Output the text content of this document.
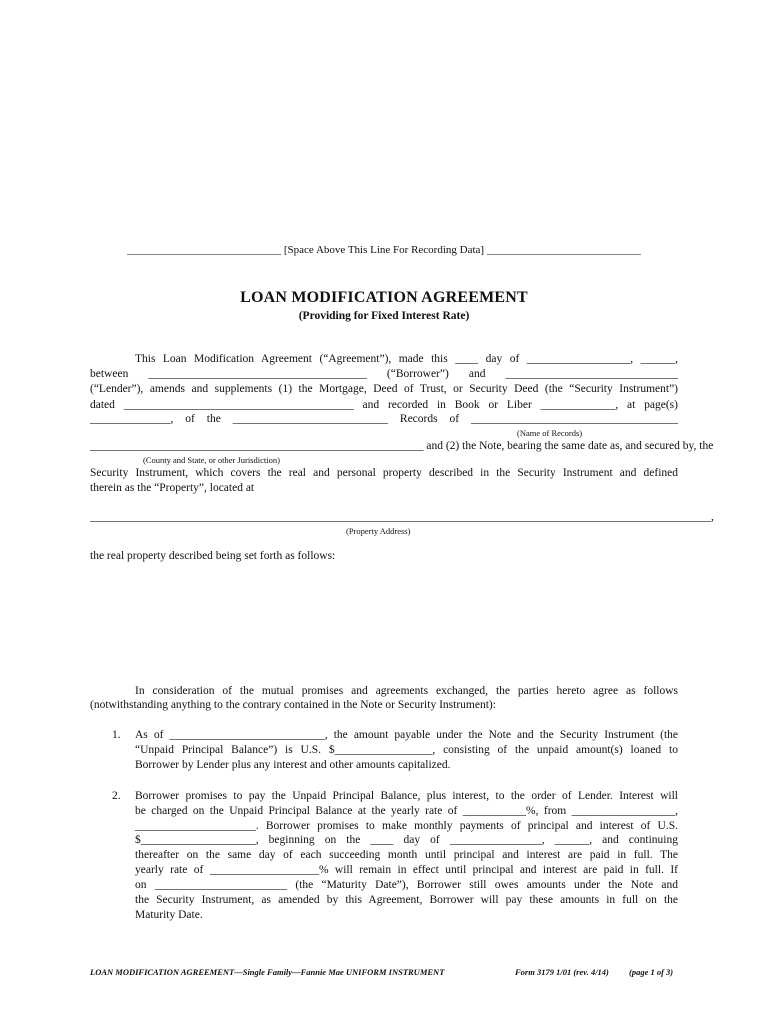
____________________________ [Space Above This Line For Recording Data] ____________________________
LOAN MODIFICATION AGREEMENT
(Providing for Fixed Interest Rate)
This Loan Modification Agreement (“Agreement”), made this ____ day of __________________, ______,
between ______________________________________ (“Borrower”) and ______________________________
(“Lender”), amends and supplements (1) the Mortgage, Deed of Trust, or Security Deed (the “Security Instrument”)
dated ________________________________________ and recorded in Book or Liber _____________, at page(s)
______________, of the ___________________________ Records of ____________________________________
(Name of Records)
__________________________________________________________ and (2) the Note, bearing the same date as, and secured by, the
(County and State, or other Jurisdiction)
Security Instrument, which covers the real and personal property described in the Security Instrument and defined
therein as the “Property”, located at
____________________________________________________________________________________________________________,
(Property Address)
the real property described being set forth as follows:
In consideration of the mutual promises and agreements exchanged, the parties hereto agree as follows
(notwithstanding anything to the contrary contained in the Note or Security Instrument):
1. As of ___________________________, the amount payable under the Note and the Security Instrument (the
“Unpaid Principal Balance”) is U.S. $_________________, consisting of the unpaid amount(s) loaned to
Borrower by Lender plus any interest and other amounts capitalized.
2. Borrower promises to pay the Unpaid Principal Balance, plus interest, to the order of Lender. Interest will
be charged on the Unpaid Principal Balance at the yearly rate of ___________%, from __________________,
_____________________. Borrower promises to make monthly payments of principal and interest of U.S.
$____________________, beginning on the ____ day of ________________, ______, and continuing
thereafter on the same day of each succeeding month until principal and interest are paid in full. The
yearly rate of ___________________% will remain in effect until principal and interest are paid in full. If
on _______________________ (the “Maturity Date”), Borrower still owes amounts under the Note and
the Security Instrument, as amended by this Agreement, Borrower will pay these amounts in full on the
Maturity Date.
LOAN MODIFICATION AGREEMENT—Single Family—Fannie Mae UNIFORM INSTRUMENT	Form 3179 1/01 (rev. 4/14) (page 1 of 3)
